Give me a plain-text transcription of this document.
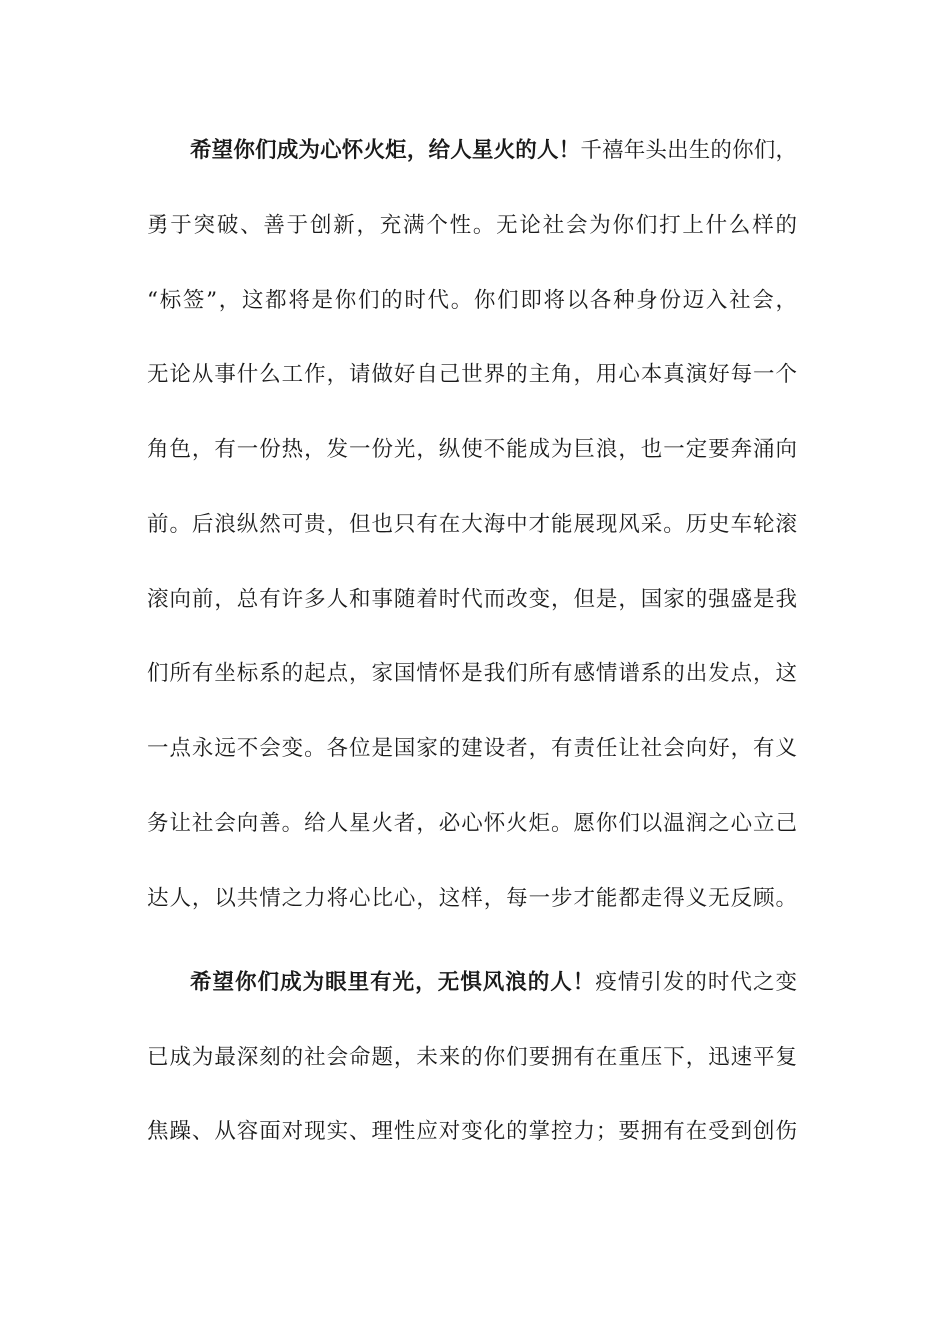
希望你们成为心怀火炬，给人星火的人！千禧年头出生的你们，
勇于突破、善于创新，充满个性。无论社会为你们打上什么样的
“标签”，这都将是你们的时代。你们即将以各种身份迈入社会，
无论从事什么工作，请做好自己世界的主角，用心本真演好每一个
角色，有一份热，发一份光，纵使不能成为巨浪，也一定要奔涌向
前。后浪纵然可贵，但也只有在大海中才能展现风采。历史车轮滚
滚向前，总有许多人和事随着时代而改变，但是，国家的强盛是我
们所有坐标系的起点，家国情怀是我们所有感情谱系的出发点，这
一点永远不会变。各位是国家的建设者，有责任让社会向好，有义
务让社会向善。给人星火者，必心怀火炬。愿你们以温润之心立己
达人，以共情之力将心比心，这样，每一步才能都走得义无反顾。
希望你们成为眼里有光，无惧风浪的人！疫情引发的时代之变
已成为最深刻的社会命题，未来的你们要拥有在重压下，迅速平复
焦躁、从容面对现实、理性应对变化的掌控力；要拥有在受到创伤
